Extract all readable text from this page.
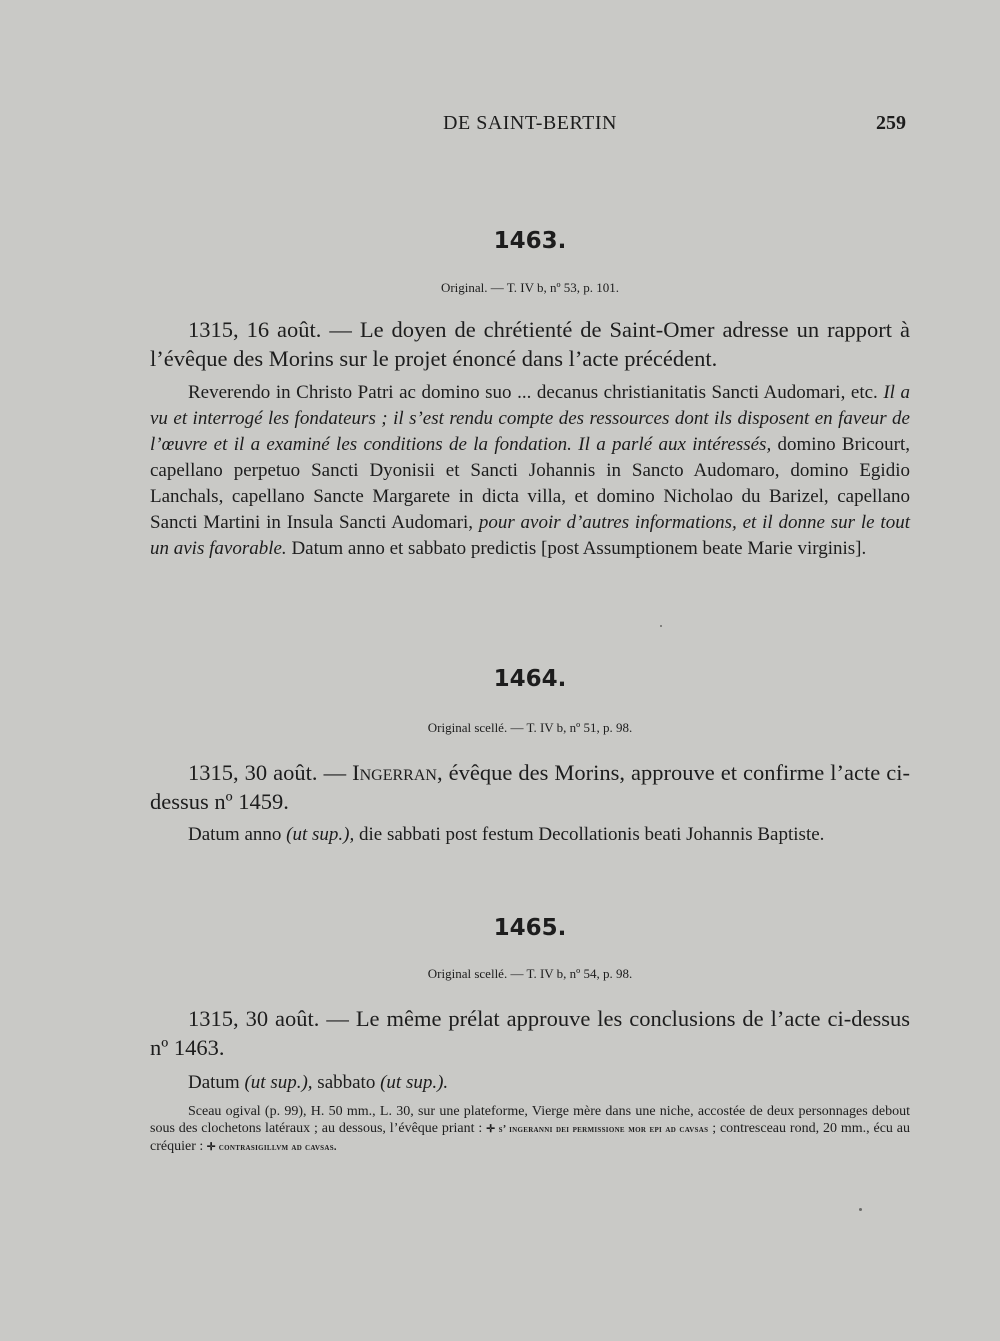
DE SAINT-BERTIN	259
1463.
Original. — T. IV b, nº 53, p. 101.

1315, 16 août. — Le doyen de chrétienté de Saint-Omer adresse un rapport à l’évêque des Morins sur le projet énoncé dans l’acte précédent.

Reverendo in Christo Patri ac domino suo ... decanus christianitatis Sancti Audomari, etc. Il a vu et interrogé les fondateurs ; il s’est rendu compte des ressources dont ils disposent en faveur de l’œuvre et il a examiné les conditions de la fondation. Il a parlé aux intéressés, domino Bricourt, capellano perpetuo Sancti Dyonisii et Sancti Johannis in Sancto Audomaro, domino Egidio Lanchals, capellano Sancte Margarete in dicta villa, et domino Nicholao du Barizel, capellano Sancti Martini in Insula Sancti Audomari, pour avoir d’autres informations, et il donne sur le tout un avis favorable. Datum anno et sabbato predictis [post Assumptionem beate Marie virginis].

1464.
Original scellé. — T. IV b, nº 51, p. 98.

1315, 30 août. — Ingerran, évêque des Morins, approuve et confirme l’acte ci-dessus nº 1459.

Datum anno (ut sup.), die sabbati post festum Decollationis beati Johannis Baptiste.

1465.
Original scellé. — T. IV b, nº 54, p. 98.

1315, 30 août. — Le même prélat approuve les conclusions de l’acte ci-dessus nº 1463.

Datum (ut sup.), sabbato (ut sup.).

Sceau ogival (p. 99), H. 50 mm., L. 30, sur une plateforme, Vierge mère dans une niche, accostée de deux personnages debout sous des clochetons latéraux ; au dessous, l’évêque priant : ✛ s’ ingeranni dei permissione mor epi ad cavsas ; contresceau rond, 20 mm., écu au créquier : ✛ contrasigillvm ad cavsas.
